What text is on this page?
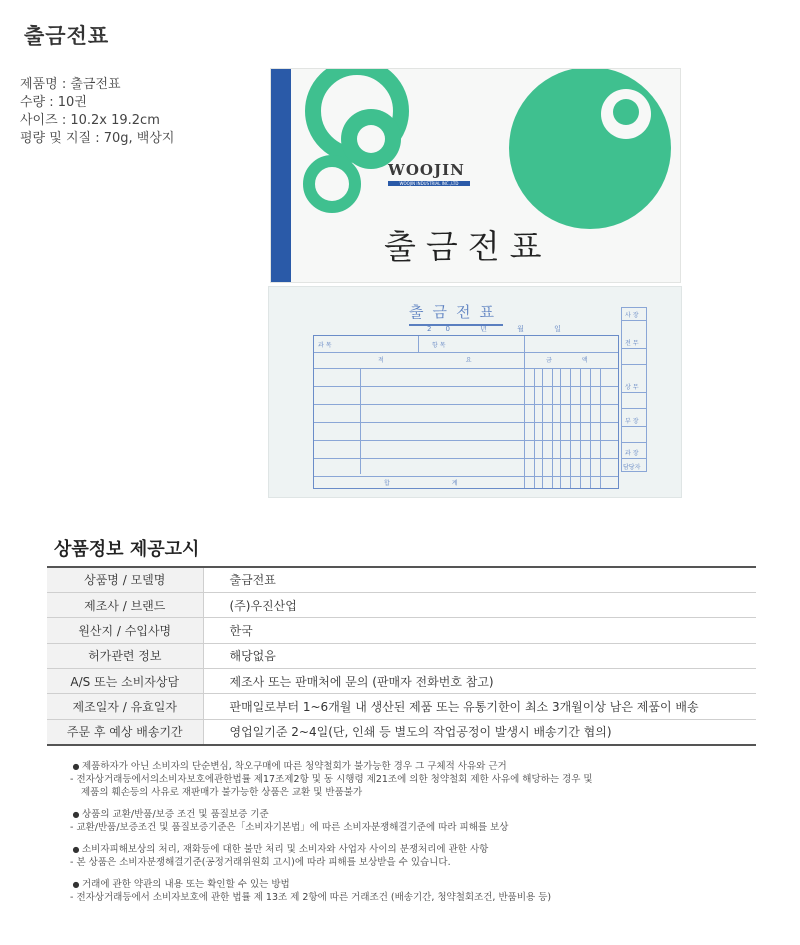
출금전표
제품명 : 출금전표
수량 : 10권
사이즈 : 10.2x 19.2cm
평량 및 지질 : 70g, 백상지
WOOJIN
WOOJIN INDUSTRIAL INC.,LTD
출금전표
출금전표
20 년 월 일
과 목	항 목
적 요	금 액
합 계
사 장
전 무
상 무
부 장
과 장
담당자
상품정보 제공고시
상품명 / 모델명	출금전표
제조사 / 브랜드	(주)우진산업
원산지 / 수입사명	한국
허가관련 정보	해당없음
A/S 또는 소비자상담	제조사 또는 판매처에 문의 (판매자 전화번호 참고)
제조일자 / 유효일자	판매일로부터 1~6개월 내 생산된 제품 또는 유통기한이 최소 3개월이상 남은 제품이 배송
주문 후 예상 배송기간	영업일기준 2~4일(단, 인쇄 등 별도의 작업공정이 발생시 배송기간 협의)
● 제품하자가 아닌 소비자의 단순변심, 착오구매에 따른 청약철회가 불가능한 경우 그 구체적 사유와 근거
- 전자상거래등에서의소비자보호에관한법률 제17조제2항 및 동 시행령 제21조에 의한 청약철회 제한 사유에 해당하는 경우 및
제품의 훼손등의 사유로 재판매가 불가능한 상품은 교환 및 반품불가
● 상품의 교환/반품/보증 조건 및 품질보증 기준
- 교환/반품/보증조건 및 품질보증기준은「소비자기본법」에 따른 소비자분쟁해결기준에 따라 피해를 보상
● 소비자피해보상의 처리, 재화등에 대한 불만 처리 및 소비자와 사업자 사이의 분쟁처리에 관한 사항
- 본 상품은 소비자분쟁해결기준(공정거래위원회 고시)에 따라 피해를 보상받을 수 있습니다.
● 거래에 관한 약관의 내용 또는 확인할 수 있는 방법
- 전자상거래등에서 소비자보호에 관한 법률 제 13조 제 2항에 따른 거래조건 (배송기간, 청약철회조건, 반품비용 등)
